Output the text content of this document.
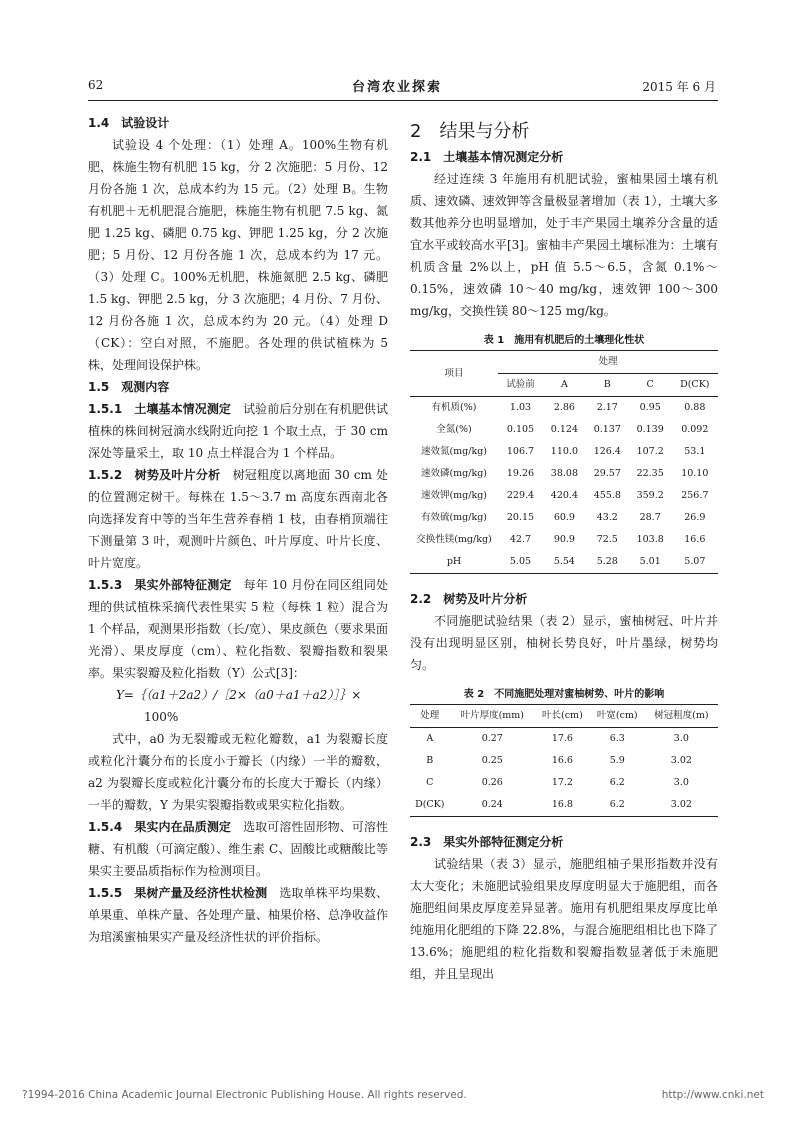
62	台湾农业探索	2015 年 6 月

1.4　试验设计

试验设 4 个处理：（1）处理 A。100%生物有机肥，株施生物有机肥 15 kg，分 2 次施肥：5 月份、12 月份各施 1 次，总成本约为 15 元。（2）处理 B。生物有机肥＋无机肥混合施肥，株施生物有机肥 7.5 kg、氮肥 1.25 kg、磷肥 0.75 kg、钾肥 1.25 kg，分 2 次施肥；5 月份、12 月份各施 1 次，总成本约为 17 元。（3）处理 C。100%无机肥，株施氮肥 2.5 kg、磷肥 1.5 kg、钾肥 2.5 kg，分 3 次施肥；4 月份、7 月份、12 月份各施 1 次，总成本约为 20 元。（4）处理 D（CK）：空白对照，不施肥。各处理的供试植株为 5 株，处理间设保护株。

1.5　观测内容

1.5.1　土壤基本情况测定　 试验前后分别在有机肥供试植株的株间树冠滴水线附近向挖 1 个取土点，于 30 cm 深处等量采土，取 10 点土样混合为 1 个样品。

1.5.2　树势及叶片分析　 树冠粗度以离地面 30 cm 处的位置测定树干。每株在 1.5～3.7 m 高度东西南北各向选择发育中等的当年生营养春梢 1 枝，由春梢顶端往下测量第 3 叶，观测叶片颜色、叶片厚度、叶片长度、叶片宽度。

1.5.3　果实外部特征测定　 每年 10 月份在同区组同处理的供试植株采摘代表性果实 5 粒（每株 1 粒）混合为 1 个样品，观测果形指数（长/宽）、果皮颜色（要求果面光滑）、果皮厚度（cm）、粒化指数、裂瓣指数和裂果率。果实裂瓣及粒化指数（Y）公式[3]：

Y=｛（a1＋2a2）/［2×（a0＋a1＋a2）］｝×

100%

式中，a0 为无裂瓣或无粒化瓣数，a1 为裂瓣长度或粒化汁囊分布的长度小于瓣长（内缘）一半的瓣数，a2 为裂瓣长度或粒化汁囊分布的长度大于瓣长（内缘）一半的瓣数，Y 为果实裂瓣指数或果实粒化指数。

1.5.4　果实内在品质测定　 选取可溶性固形物、可溶性糖、有机酸（可滴定酸）、维生素 C、固酸比或糖酸比等果实主要品质指标作为检测项目。

1.5.5　果树产量及经济性状检测　 选取单株平均果数、单果重、单株产量、各处理产量、柚果价格、总净收益作为琯溪蜜柚果实产量及经济性状的评价指标。

2　结果与分析

2.1　土壤基本情况测定分析

经过连续 3 年施用有机肥试验，蜜柚果园土壤有机质、速效磷、速效钾等含量极显著增加（表 1），土壤大多数其他养分也明显增加，处于丰产果园土壤养分含量的适宜水平或较高水平[3]。蜜柚丰产果园土壤标准为：土壤有机质含量 2%以上，pH 值 5.5～6.5，含氮 0.1%～0.15%，速效磷 10～40 mg/kg，速效钾 100～300 mg/kg，交换性镁 80～125 mg/kg。

表 1　施用有机肥后的土壤理化性状
项目	处理				
	试验前	A	B	C	D(CK)
有机质(%)	1.03	2.86	2.17	0.95	0.88
全氮(%)	0.105	0.124	0.137	0.139	0.092
速效氮(mg/kg)	106.7	110.0	126.4	107.2	53.1
速效磷(mg/kg)	19.26	38.08	29.57	22.35	10.10
速效钾(mg/kg)	229.4	420.4	455.8	359.2	256.7
有效硫(mg/kg)	20.15	60.9	43.2	28.7	26.9
交换性镁(mg/kg)	42.7	90.9	72.5	103.8	16.6
pH	5.05	5.54	5.28	5.01	5.07

2.2　树势及叶片分析

不同施肥试验结果（表 2）显示，蜜柚树冠、叶片并没有出现明显区别，柚树长势良好，叶片墨绿，树势均匀。

表 2　不同施肥处理对蜜柚树势、叶片的影响
处理	叶片厚度(mm)	叶长(cm)	叶宽(cm)	树冠粗度(m)
A	0.27	17.6	6.3	3.0
B	0.25	16.6	5.9	3.02
C	0.26	17.2	6.2	3.0
D(CK)	0.24	16.8	6.2	3.02

2.3　果实外部特征测定分析

试验结果（表 3）显示，施肥组柚子果形指数并没有太大变化；未施肥试验组果皮厚度明显大于施肥组，而各施肥组间果皮厚度差异显著。施用有机肥组果皮厚度比单纯施用化肥组的下降 22.8%，与混合施肥组相比也下降了 13.6%；施肥组的粒化指数和裂瓣指数显著低于未施肥组，并且呈现出

?1994-2016 China Academic Journal Electronic Publishing House. All rights reserved.	http://www.cnki.net
